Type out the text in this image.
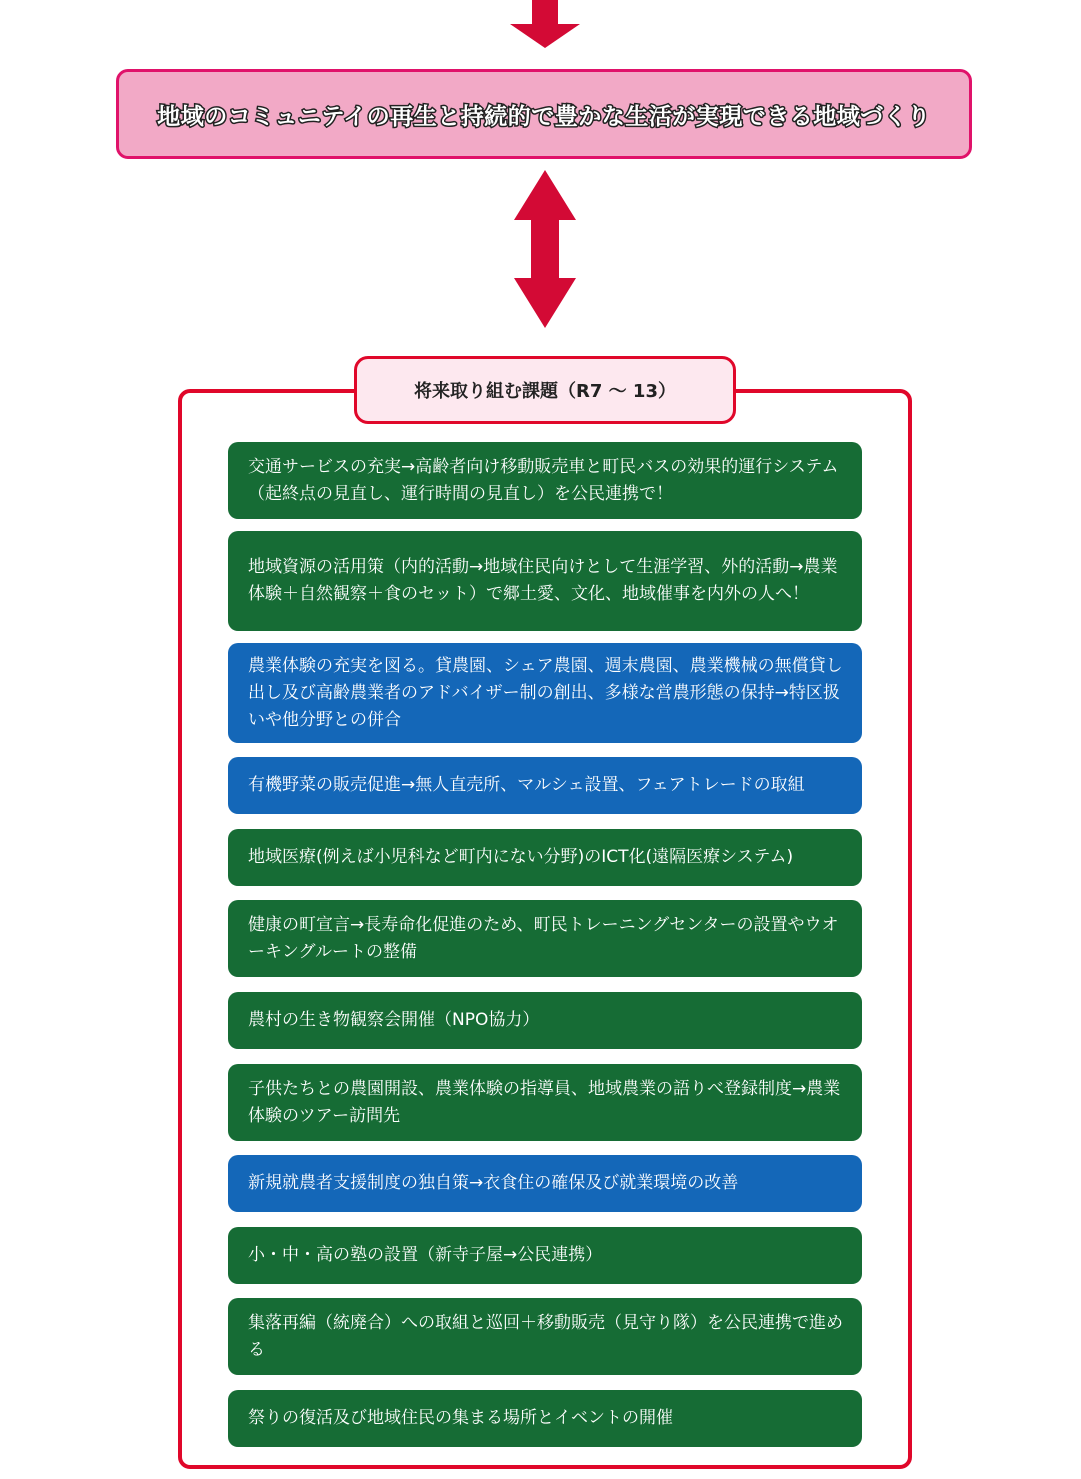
地域のコミュニテイの再生と持続的で豊かな生活が実現できる地域づくり
将来取り組む課題（R7 〜 13）
交通サービスの充実→高齢者向け移動販売車と町民バスの効果的運行システム（起終点の見直し、運行時間の見直し）を公民連携で！
地域資源の活用策（内的活動→地域住民向けとして生涯学習、外的活動→農業体験＋自然観察＋食のセット）で郷土愛、文化、地域催事を内外の人へ！
農業体験の充実を図る。貸農園、シェア農園、週末農園、農業機械の無償貸し出し及び高齢農業者のアドバイザー制の創出、多様な営農形態の保持→特区扱いや他分野との併合
有機野菜の販売促進→無人直売所、マルシェ設置、フェアトレードの取組
地域医療(例えば小児科など町内にない分野)のICT化(遠隔医療システム)
健康の町宣言→長寿命化促進のため、町民トレーニングセンターの設置やウオーキングルートの整備
農村の生き物観察会開催（NPO協力）
子供たちとの農園開設、農業体験の指導員、地域農業の語りべ登録制度→農業体験のツアー訪問先
新規就農者支援制度の独自策→衣食住の確保及び就業環境の改善
小・中・高の塾の設置（新寺子屋→公民連携）
集落再編（統廃合）への取組と巡回＋移動販売（見守り隊）を公民連携で進める
祭りの復活及び地域住民の集まる場所とイベントの開催
